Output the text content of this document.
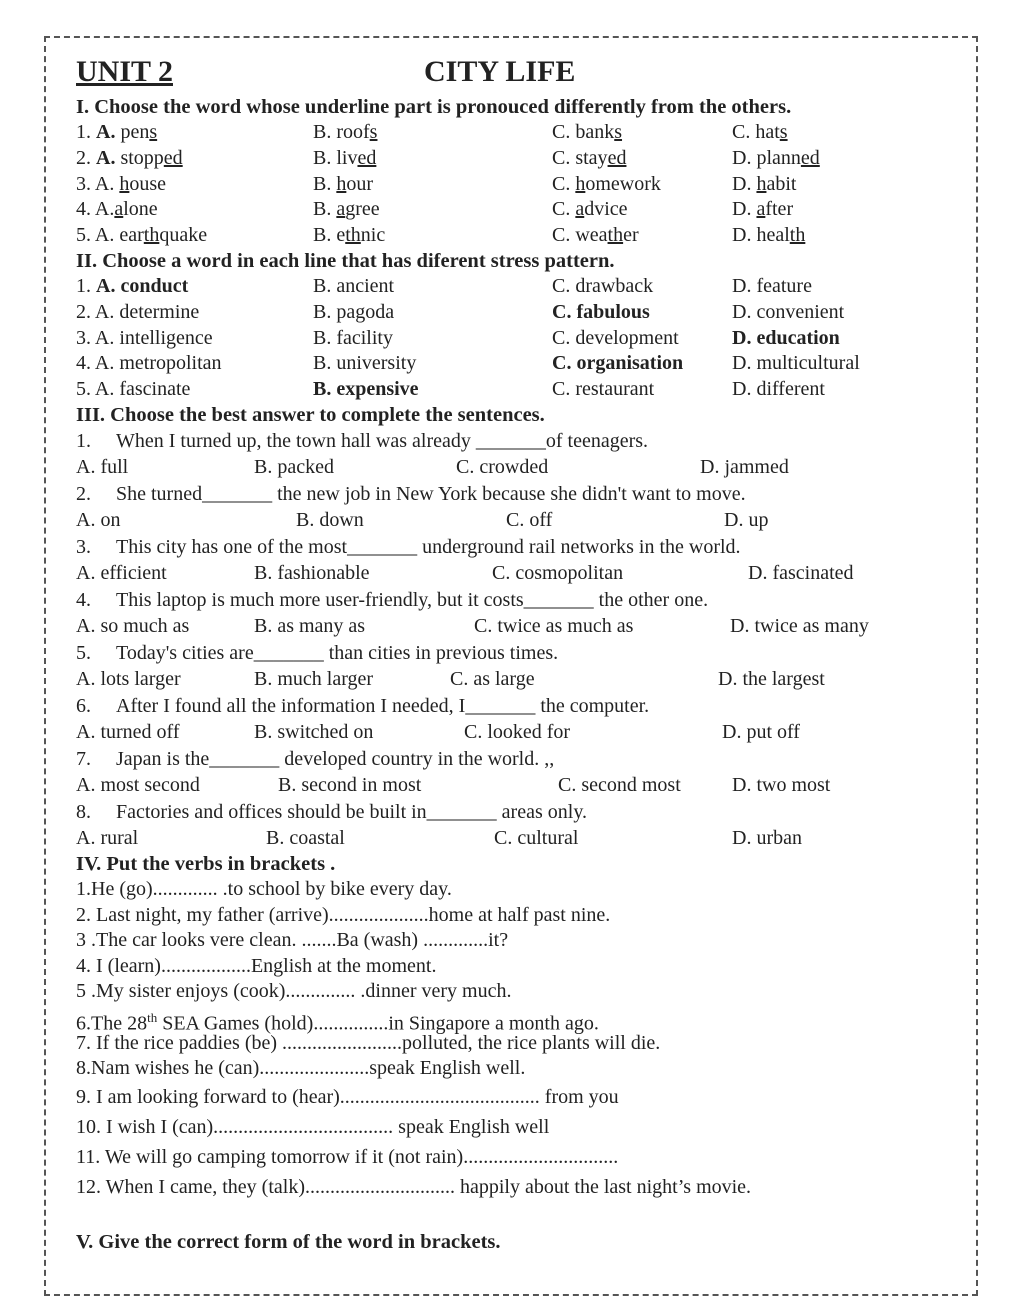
UNIT 2	CITY LIFE
I. Choose the word whose underline part is pronouced differently from the others.
1. A. pens	B. roofs	C. banks	C. hats
2. A. stopped	B. lived	C. stayed	D. planned
3. A. house	B. hour	C. homework	D. habit
4. A.alone	B. agree	C. advice	D. after
5. A. earthquake	B. ethnic	C. weather	D. health
II. Choose a word in each line that has diferent stress pattern.
1. A. conduct	B. ancient	C. drawback	D. feature
2. A. determine	B. pagoda	C. fabulous	D. convenient
3. A. intelligence	B. facility	C. development	D. education
4. A. metropolitan	B. university	C. organisation D. multicultural
5. A. fascinate	B. expensive	C. restaurant	D. different
III. Choose the best answer to complete the sentences.
1. When I turned up, the town hall was already _______of teenagers.
A. full	B. packed	C. crowded	D. jammed
2. She turned_______ the new job in New York because she didn't want to move.
A. on	B. down	C. off	D. up
3. This city has one of the most_______ underground rail networks in the world.
A. efficient	B. fashionable	C. cosmopolitan	D. fascinated
4. This laptop is much more user-friendly, but it costs_______ the other one.
A. so much as	B. as many as	C. twice as much as	D. twice as many
5. Today's cities are_______ than cities in previous times.
A. lots larger	B. much larger	C. as large	D. the largest
6. After I found all the information I needed, I_______ the computer.
A. turned off	B. switched on	C. looked for	D. put off
7. Japan is the_______ developed country in the world. ,,
A. most second	B. second in most	C. second most	D. two most
8. Factories and offices should be built in_______ areas only.
A. rural	B. coastal	C. cultural	D. urban
IV. Put the verbs in brackets .
1.He (go)............. .to school by bike every day.
2. Last night, my father (arrive)....................home at half past nine.
3 .The car looks vere clean. .......Ba (wash) .............it?
4. I (learn)..................English at the moment.
5 .My sister enjoys (cook).............. .dinner very much.
6.The 28th SEA Games (hold)...............in Singapore a month ago.
7. If the rice paddies (be) ........................polluted, the rice plants will die.
8.Nam wishes he (can)......................speak English well.
9. I am looking forward to (hear)........................................ from you
10. I wish I (can).................................... speak English well
11. We will go camping tomorrow if it (not rain)...............................
12. When I came, they (talk).............................. happily about the last night’s movie.
V. Give the correct form of the word in brackets.
